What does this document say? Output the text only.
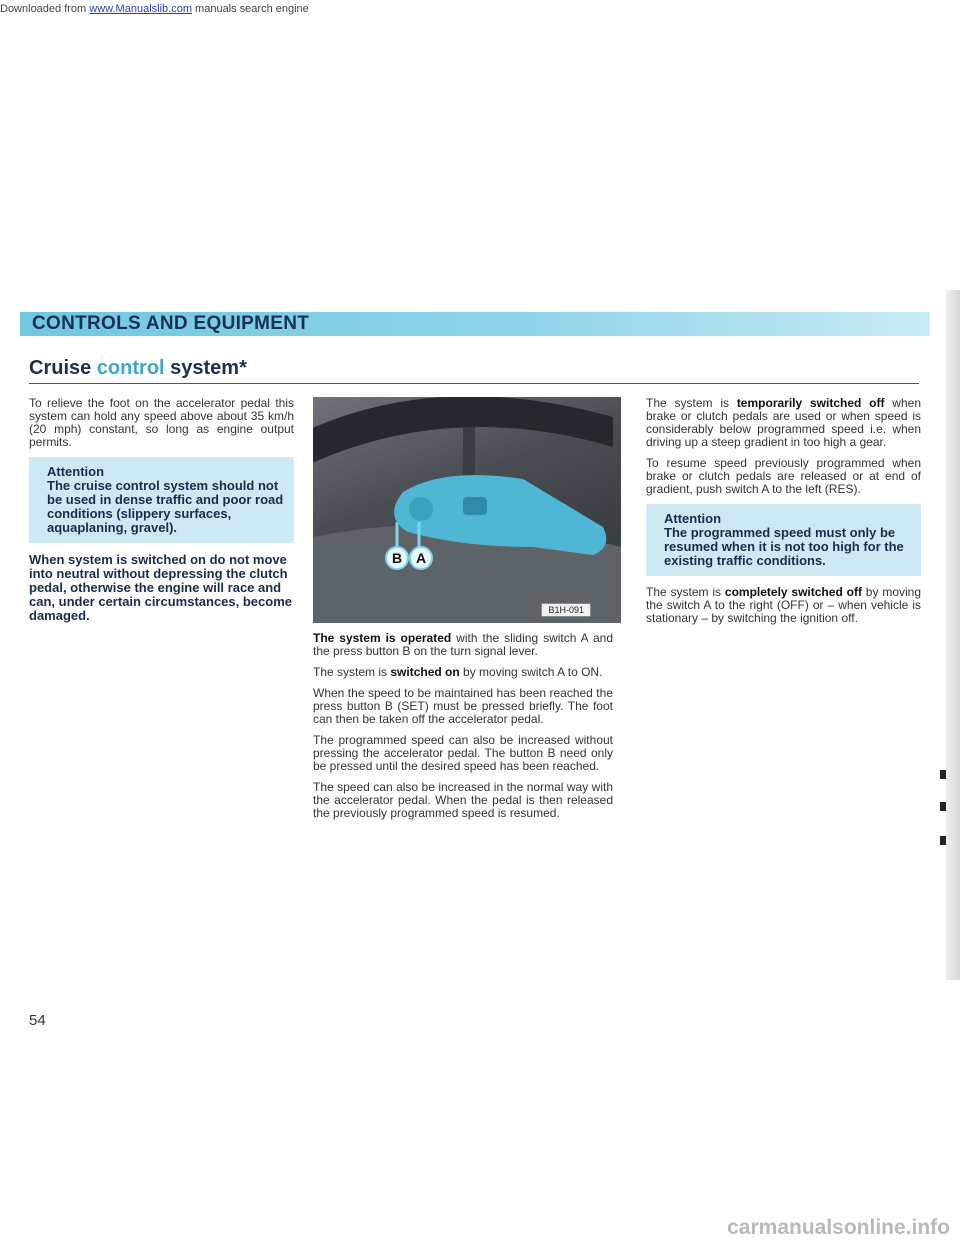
Downloaded from www.Manualslib.com manuals search engine
CONTROLS AND EQUIPMENT
Cruise control system*

To relieve the foot on the accelerator pedal this system can hold any speed above about 35 km/h (20 mph) constant, so long as engine output permits.

Attention
The cruise control system should not be used in dense traffic and poor road conditions (slippery surfaces, aquaplaning, gravel).

When system is switched on do not move into neutral without depressing the clutch pedal, otherwise the engine will race and can, under certain circumstances, become damaged.

B A
B1H-091

The system is operated with the sliding switch A and the press button B on the turn signal lever.

The system is switched on by moving switch A to ON.

When the speed to be maintained has been reached the press button B (SET) must be pressed briefly. The foot can then be taken off the accelerator pedal.

The programmed speed can also be increased without pressing the accelerator pedal. The button B need only be pressed until the desired speed has been reached.

The speed can also be increased in the normal way with the accelerator pedal. When the pedal is then released the previously programmed speed is resumed.

The system is temporarily switched off when brake or clutch pedals are used or when speed is considerably below programmed speed i.e. when driving up a steep gradient in too high a gear.

To resume speed previously programmed when brake or clutch pedals are released or at end of gradient, push switch A to the left (RES).

Attention
The programmed speed must only be resumed when it is not too high for the existing traffic conditions.

The system is completely switched off by moving the switch A to the right (OFF) or – when vehicle is stationary – by switching the ignition off.

54
carmanualsonline.info
